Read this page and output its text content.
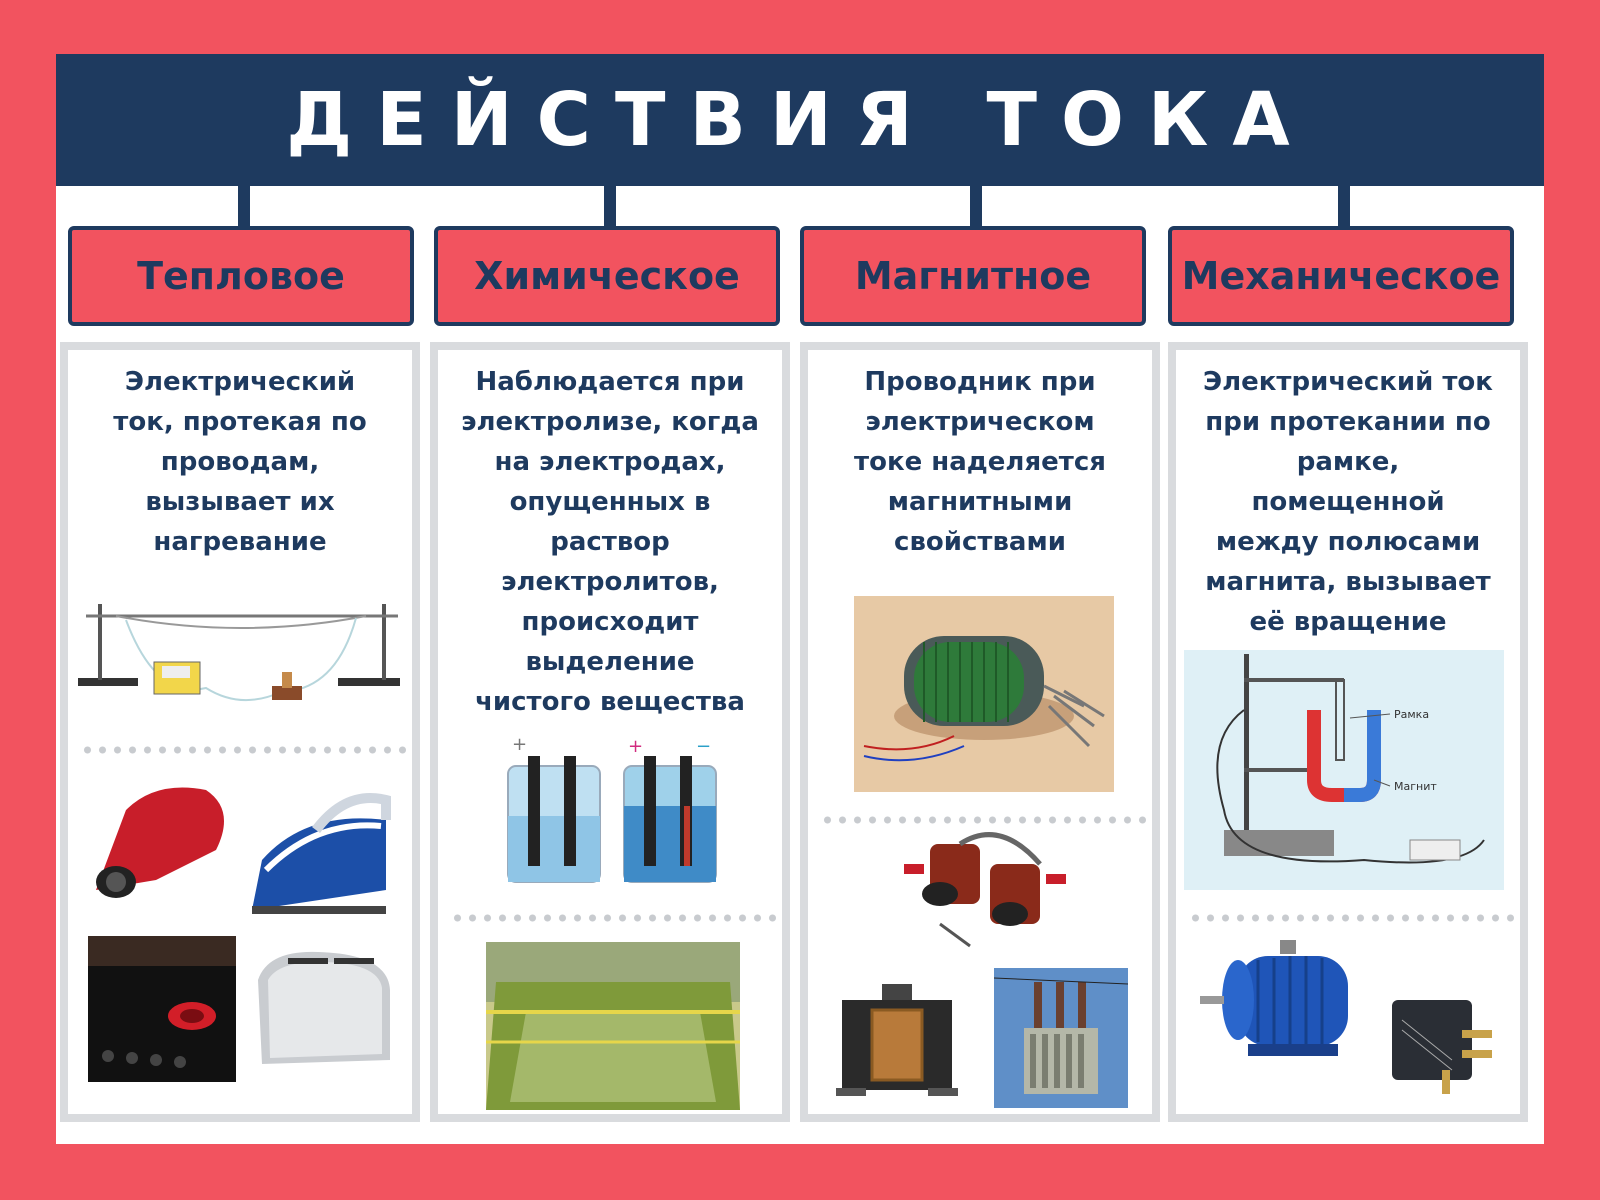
ДЕЙСТВИЯ ТОКА
Тепловое	Химическое	Магнитное Механическое
Электрический
ток, протекая по
проводам,
вызывает их
нагревание
Наблюдается при
электролизе, когда
на электродах,
опущенных в
раствор
электролитов,
происходит
выделение
чистого вещества
+	+	−
Проводник при
электрическом
токе наделяется
магнитными
свойствами
Электрический ток
при протекании по
рамке,
помещенной
между полюсами
магнита, вызывает
её вращение
Рамка
Магнит
